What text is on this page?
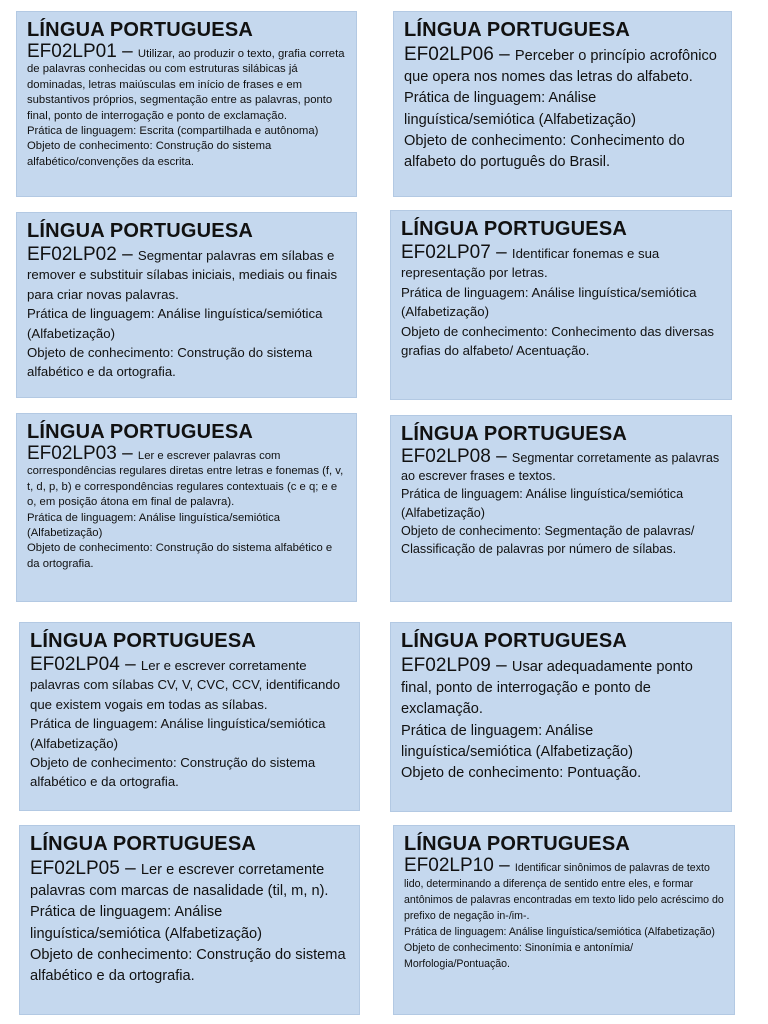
LÍNGUA PORTUGUESA
EF02LP01 – Utilizar, ao produzir o texto, grafia correta de palavras conhecidas ou com estruturas silábicas já dominadas, letras maiúsculas em início de frases e em substantivos próprios, segmentação entre as palavras, ponto final, ponto de interrogação e ponto de exclamação.
Prática de linguagem: Escrita (compartilhada e autônoma)
Objeto de conhecimento: Construção do sistema alfabético/convenções da escrita.
LÍNGUA PORTUGUESA
EF02LP02 – Segmentar palavras em sílabas e remover e substituir sílabas iniciais, mediais ou finais para criar novas palavras.
Prática de linguagem: Análise linguística/semiótica (Alfabetização)
Objeto de conhecimento: Construção do sistema alfabético e da ortografia.
LÍNGUA PORTUGUESA
EF02LP03 – Ler e escrever palavras com correspondências regulares diretas entre letras e fonemas (f, v, t, d, p, b) e correspondências regulares contextuais (c e q; e e o, em posição átona em final de palavra).
Prática de linguagem: Análise linguística/semiótica (Alfabetização)
Objeto de conhecimento: Construção do sistema alfabético e da ortografia.
LÍNGUA PORTUGUESA
EF02LP04 – Ler e escrever corretamente palavras com sílabas CV, V, CVC, CCV, identificando que existem vogais em todas as sílabas.
Prática de linguagem: Análise linguística/semiótica (Alfabetização)
Objeto de conhecimento: Construção do sistema alfabético e da ortografia.
LÍNGUA PORTUGUESA
EF02LP05 – Ler e escrever corretamente palavras com marcas de nasalidade (til, m, n).
Prática de linguagem: Análise linguística/semiótica (Alfabetização)
Objeto de conhecimento: Construção do sistema alfabético e da ortografia.
LÍNGUA PORTUGUESA
EF02LP06 – Perceber o princípio acrofônico que opera nos nomes das letras do alfabeto.
Prática de linguagem: Análise linguística/semiótica (Alfabetização)
Objeto de conhecimento: Conhecimento do alfabeto do português do Brasil.
LÍNGUA PORTUGUESA
EF02LP07 – Identificar fonemas e sua representação por letras.
Prática de linguagem: Análise linguística/semiótica (Alfabetização)
Objeto de conhecimento: Conhecimento das diversas grafias do alfabeto/ Acentuação.
LÍNGUA PORTUGUESA
EF02LP08 – Segmentar corretamente as palavras ao escrever frases e textos.
Prática de linguagem: Análise linguística/semiótica (Alfabetização)
Objeto de conhecimento: Segmentação de palavras/ Classificação de palavras por número de sílabas.
LÍNGUA PORTUGUESA
EF02LP09 – Usar adequadamente ponto final, ponto de interrogação e ponto de exclamação.
Prática de linguagem: Análise linguística/semiótica (Alfabetização)
Objeto de conhecimento: Pontuação.
LÍNGUA PORTUGUESA
EF02LP10 – Identificar sinônimos de palavras de texto lido, determinando a diferença de sentido entre eles, e formar antônimos de palavras encontradas em texto lido pelo acréscimo do prefixo de negação in-/im-.
Prática de linguagem: Análise linguística/semiótica (Alfabetização)
Objeto de conhecimento: Sinonímia e antonímia/ Morfologia/Pontuação.
